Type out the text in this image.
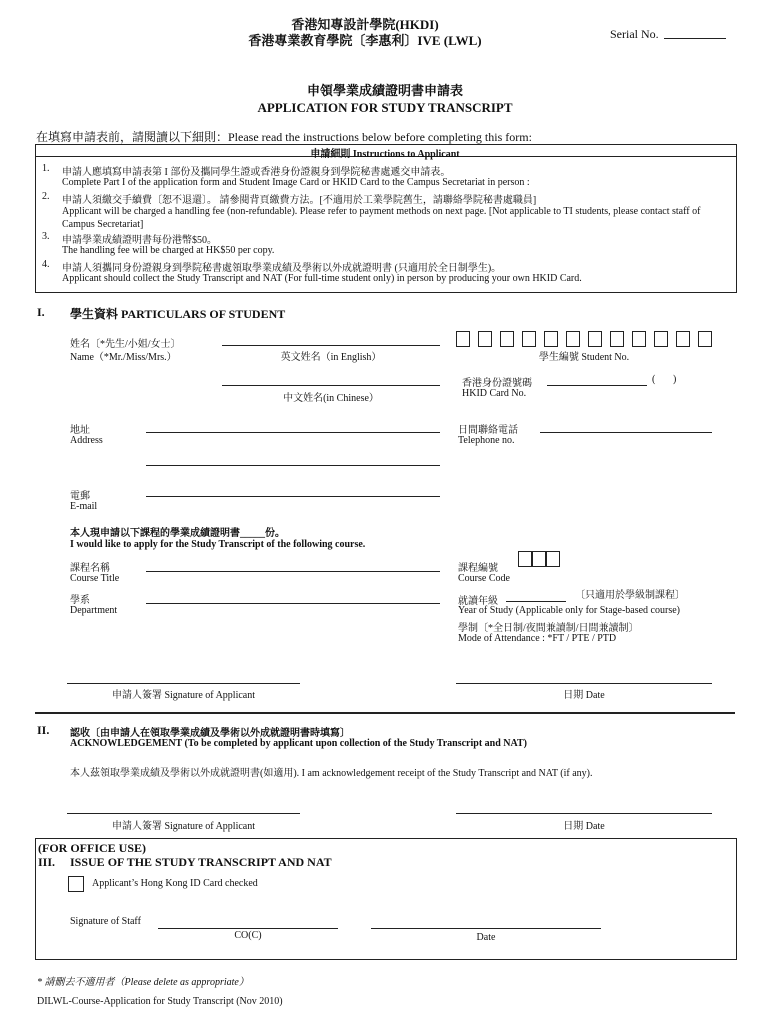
香港知專設計學院(HKDI)
香港專業教育學院〔李惠利〕IVE (LWL)	Serial No.
申領學業成績證明書申請表
APPLICATION FOR STUDY TRANSCRIPT
在填寫申請表前，請閱讀以下細則：Please read the instructions below before completing this form:
申請細則 Instructions to Applicant
1. 申請人應填寫申請表第 I 部份及攜同學生證或香港身份證親身到學院秘書處遞交申請表。
Complete Part I of the application form and Student Image Card or HKID Card to the Campus Secretariat in person :
2. 申請人須繳交手續費〔恕不退還〕。 請參閱背頁繳費方法。[不適用於工業學院舊生，請聯絡學院秘書處職員]
Applicant will be charged a handling fee (non-refundable). Please refer to payment methods on next page. [Not applicable to TI students, please contact staff of Campus Secretariat]
3. 申請學業成績證明書每份港幣$50。
The handling fee will be charged at HK$50 per copy.
4. 申請人須攜同身份證親身到學院秘書處領取學業成績及學術以外成就證明書 (只適用於全日制學生)。
Applicant should collect the Study Transcript and NAT (For full-time student only) in person by producing your own HKID Card.
I. 學生資料 PARTICULARS OF STUDENT
姓名〔*先生/小姐/女士〕
Name（*Mr./Miss/Mrs.）	英文姓名（in English）	學生編號 Student No.
中文姓名(in Chinese）
香港身份證號碼
HKID Card No.
( )
地址
Address
日間聯絡電話
Telephone no.
電郵
E-mail
本人現申請以下課程的學業成績證明書_____份。
I would like to apply for the Study Transcript of the following course.
課程名稱
Course Title
課程編號
Course Code
學系
Department
〔只適用於學級制課程〕
就讀年級
Year of Study (Applicable only for Stage-based course)
學制〔*全日制/夜間兼讀制/日間兼讀制〕
Mode of Attendance : *FT / PTE / PTD
申請人簽署 Signature of Applicant	日期 Date
II. 認收〔由申請人在領取學業成績及學術以外成就證明書時填寫〕
ACKNOWLEDGEMENT (To be completed by applicant upon collection of the Study Transcript and NAT)
本人茲領取學業成績及學術以外成就證明書(如適用). I am acknowledgement receipt of the Study Transcript and NAT (if any).
申請人簽署 Signature of Applicant	日期 Date
(FOR OFFICE USE)
III. ISSUE OF THE STUDY TRANSCRIPT AND NAT
Applicant’s Hong Kong ID Card checked
Signature of Staff
CO(C)	Date
* 請刪去不適用者（Please delete as appropriate）
DILWL-Course-Application for Study Transcript (Nov 2010)
